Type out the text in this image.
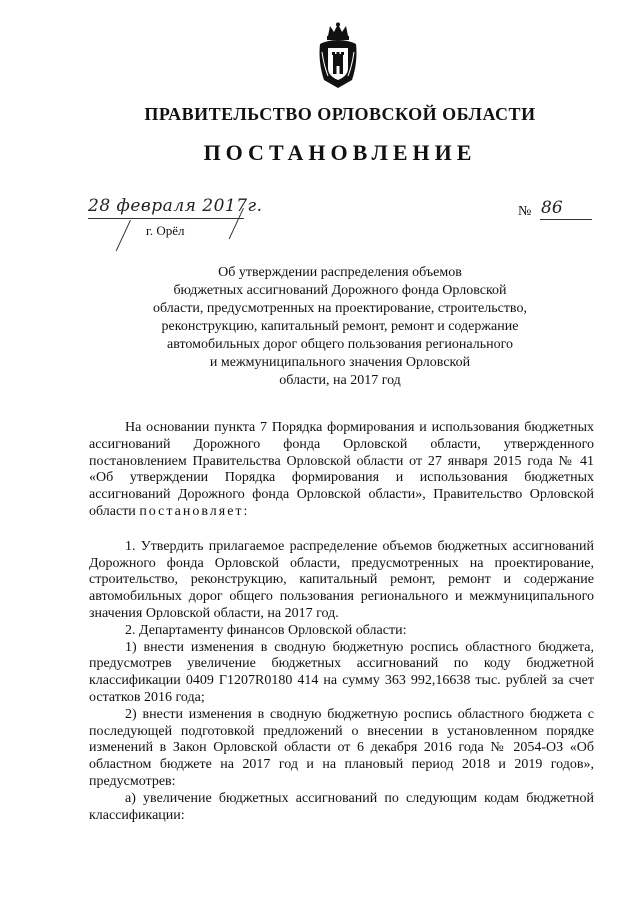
ПРАВИТЕЛЬСТВО ОРЛОВСКОЙ ОБЛАСТИ
ПОСТАНОВЛЕНИЕ
28 февраля 2017г.
г. Орёл
№ 86
Об утверждении распределения объемов
бюджетных ассигнований Дорожного фонда Орловской
области, предусмотренных на проектирование, строительство,
реконструкцию, капитальный ремонт, ремонт и содержание
автомобильных дорог общего пользования регионального
и межмуниципального значения Орловской
области, на 2017 год

На основании пункта 7 Порядка формирования и использования бюджетных ассигнований Дорожного фонда Орловской области, утвержденного постановлением Правительства Орловской области от 27 января 2015 года № 41 «Об утверждении Порядка формирования и использования бюджетных ассигнований Дорожного фонда Орловской области», Правительство Орловской области постановляет:

1. Утвердить прилагаемое распределение объемов бюджетных ассигнований Дорожного фонда Орловской области, предусмотренных на проектирование, строительство, реконструкцию, капитальный ремонт, ремонт и содержание автомобильных дорог общего пользования регионального и межмуниципального значения Орловской области, на 2017 год.

2. Департаменту финансов Орловской области:

1) внести изменения в сводную бюджетную роспись областного бюджета, предусмотрев увеличение бюджетных ассигнований по коду бюджетной классификации 0409 Г1207R0180 414 на сумму 363 992,16638 тыс. рублей за счет остатков 2016 года;

2) внести изменения в сводную бюджетную роспись областного бюджета с последующей подготовкой предложений о внесении в установленном порядке изменений в Закон Орловской области от 6 декабря 2016 года № 2054-ОЗ «Об областном бюджете на 2017 год и на плановый период 2018 и 2019 годов», предусмотрев:

а) увеличение бюджетных ассигнований по следующим кодам бюджетной классификации:
